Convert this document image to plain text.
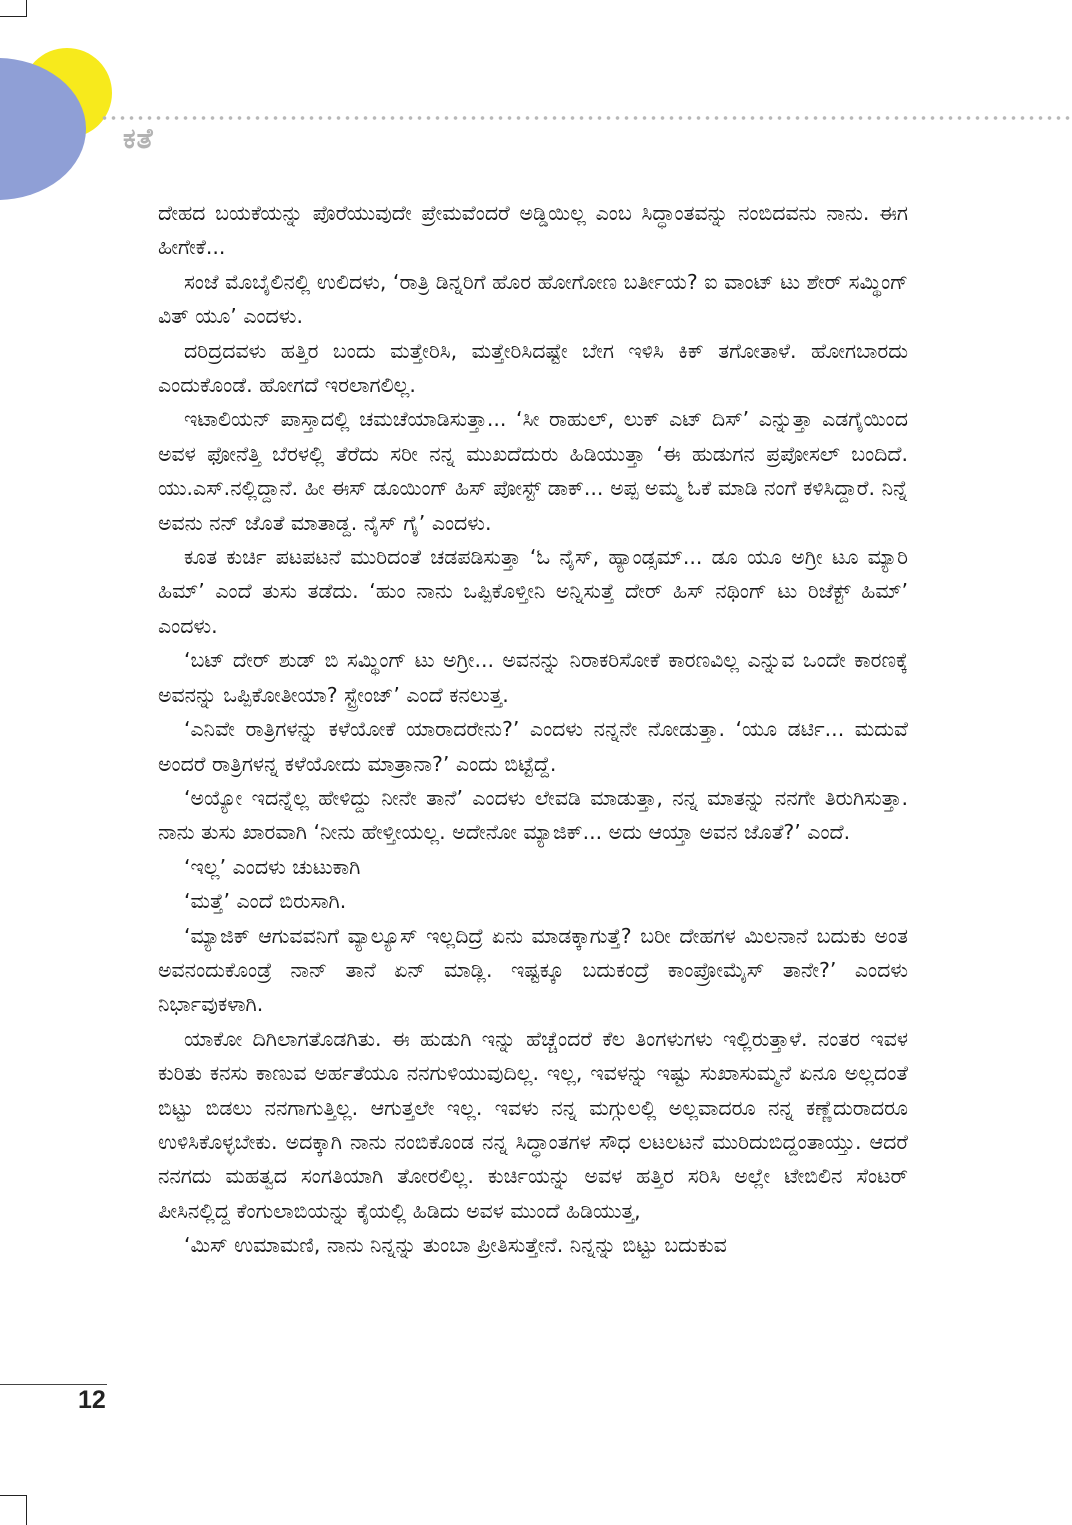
ಕತೆ

ದೇಹದ ಬಯಕೆಯನ್ನು ಪೊರೆಯುವುದೇ ಪ್ರೇಮವೆಂದರೆ ಅಡ್ಡಿಯಿಲ್ಲ ಎಂಬ ಸಿದ್ಧಾಂತವನ್ನು ನಂಬಿದವನು ನಾನು. ಈಗ ಹೀಗೇಕೆ...

ಸಂಜೆ ಮೊಬೈಲಿನಲ್ಲಿ ಉಲಿದಳು, ‘ರಾತ್ರಿ ಡಿನ್ನರಿಗೆ ಹೊರ ಹೋಗೋಣ ಬರ್ತೀಯ? ಐ ವಾಂಟ್ ಟು ಶೇರ್ ಸಮ್ಥಿಂಗ್ ವಿತ್ ಯೂ’ ಎಂದಳು.

ದರಿದ್ರದವಳು ಹತ್ತಿರ ಬಂದು ಮತ್ತೇರಿಸಿ, ಮತ್ತೇರಿಸಿದಷ್ಟೇ ಬೇಗ ಇಳಿಸಿ ಕಿಕ್ ತಗೋತಾಳೆ. ಹೋಗಬಾರದು ಎಂದುಕೊಂಡೆ. ಹೋಗದೆ ಇರಲಾಗಲಿಲ್ಲ.

ಇಟಾಲಿಯನ್ ಪಾಸ್ತಾದಲ್ಲಿ ಚಮಚೆಯಾಡಿಸುತ್ತಾ... ‘ಸೀ ರಾಹುಲ್, ಲುಕ್ ಎಟ್ ದಿಸ್’ ಎನ್ನುತ್ತಾ ಎಡಗೈಯಿಂದ ಅವಳ ಫೋನೆತ್ತಿ ಬೆರಳಲ್ಲಿ ತೆರೆದು ಸರೀ ನನ್ನ ಮುಖದೆದುರು ಹಿಡಿಯುತ್ತಾ ‘ಈ ಹುಡುಗನ ಪ್ರಪೋಸಲ್ ಬಂದಿದೆ. ಯು.ಎಸ್.ನಲ್ಲಿದ್ದಾನೆ. ಹೀ ಈಸ್ ಡೂಯಿಂಗ್ ಹಿಸ್ ಪೋಸ್ಟ್ ಡಾಕ್... ಅಪ್ಪ ಅಮ್ಮ ಓಕೆ ಮಾಡಿ ನಂಗೆ ಕಳಿಸಿದ್ದಾರೆ. ನಿನ್ನೆ ಅವನು ನನ್ ಜೊತೆ ಮಾತಾಡ್ದ. ನೈಸ್ ಗೈ’ ಎಂದಳು.

ಕೂತ ಕುರ್ಚಿ ಪಟಪಟನೆ ಮುರಿದಂತೆ ಚಡಪಡಿಸುತ್ತಾ ‘ಓ ನೈಸ್, ಹ್ಯಾಂಡ್ಸಮ್... ಡೂ ಯೂ ಅಗ್ರೀ ಟೂ ಮ್ಯಾರಿ ಹಿಮ್’ ಎಂದೆ ತುಸು ತಡೆದು. ‘ಹುಂ ನಾನು ಒಪ್ಪಿಕೊಳ್ತೀನಿ ಅನ್ನಿಸುತ್ತೆ ದೇರ್ ಹಿಸ್ ನಥಿಂಗ್ ಟು ರಿಜೆಕ್ಟ್ ಹಿಮ್’ ಎಂದಳು.

‘ಬಟ್ ದೇರ್ ಶುಡ್ ಬಿ ಸಮ್ಥಿಂಗ್ ಟು ಅಗ್ರೀ... ಅವನನ್ನು ನಿರಾಕರಿಸೋಕೆ ಕಾರಣವಿಲ್ಲ ಎನ್ನುವ ಒಂದೇ ಕಾರಣಕ್ಕೆ ಅವನನ್ನು ಒಪ್ಪಿಕೋತೀಯಾ? ಸ್ಟ್ರೇಂಜ್’ ಎಂದೆ ಕನಲುತ್ತ.

‘ಎನಿವೇ ರಾತ್ರಿಗಳನ್ನು ಕಳೆಯೋಕೆ ಯಾರಾದರೇನು?’ ಎಂದಳು ನನ್ನನೇ ನೋಡುತ್ತಾ. ‘ಯೂ ಡರ್ಟಿ... ಮದುವೆ ಅಂದರೆ ರಾತ್ರಿಗಳನ್ನ ಕಳೆಯೋದು ಮಾತ್ರಾನಾ?’ ಎಂದು ಬಿಟ್ಟೆದ್ದೆ.

‘ಅಯ್ಯೋ ಇದನ್ನೆಲ್ಲ ಹೇಳಿದ್ದು ನೀನೇ ತಾನೆ’ ಎಂದಳು ಲೇವಡಿ ಮಾಡುತ್ತಾ, ನನ್ನ ಮಾತನ್ನು ನನಗೇ ತಿರುಗಿಸುತ್ತಾ. ನಾನು ತುಸು ಖಾರವಾಗಿ ‘ನೀನು ಹೇಳ್ತೀಯಲ್ಲ. ಅದೇನೋ ಮ್ಯಾಜಿಕ್... ಅದು ಆಯ್ತಾ ಅವನ ಜೊತೆ?’ ಎಂದೆ.

‘ಇಲ್ಲ’ ಎಂದಳು ಚುಟುಕಾಗಿ

‘ಮತ್ತೆ’ ಎಂದೆ ಬಿರುಸಾಗಿ.

‘ಮ್ಯಾಜಿಕ್ ಆಗುವವನಿಗೆ ವ್ಯಾಲ್ಯೂಸ್ ಇಲ್ಲದಿದ್ರೆ ಏನು ಮಾಡಕ್ಕಾಗುತ್ತೆ? ಬರೀ ದೇಹಗಳ ಮಿಲನಾನೆ ಬದುಕು ಅಂತ ಅವನಂದುಕೊಂಡ್ರೆ ನಾನ್ ತಾನೆ ಏನ್ ಮಾಡ್ಲಿ. ಇಷ್ಟಕ್ಕೂ ಬದುಕಂದ್ರೆ ಕಾಂಪ್ರೋಮೈಸ್ ತಾನೇ?’ ಎಂದಳು ನಿರ್ಭಾವುಕಳಾಗಿ.

ಯಾಕೋ ದಿಗಿಲಾಗತೊಡಗಿತು. ಈ ಹುಡುಗಿ ಇನ್ನು ಹೆಚ್ಚೆಂದರೆ ಕೆಲ ತಿಂಗಳುಗಳು ಇಲ್ಲಿರುತ್ತಾಳೆ. ನಂತರ ಇವಳ ಕುರಿತು ಕನಸು ಕಾಣುವ ಅರ್ಹತೆಯೂ ನನಗುಳಿಯುವುದಿಲ್ಲ. ಇಲ್ಲ, ಇವಳನ್ನು ಇಷ್ಟು ಸುಖಾಸುಮ್ಮನೆ ಏನೂ ಅಲ್ಲದಂತೆ ಬಿಟ್ಟು ಬಿಡಲು ನನಗಾಗುತ್ತಿಲ್ಲ. ಆಗುತ್ತಲೇ ಇಲ್ಲ. ಇವಳು ನನ್ನ ಮಗ್ಗುಲಲ್ಲಿ ಅಲ್ಲವಾದರೂ ನನ್ನ ಕಣ್ಣೆದುರಾದರೂ ಉಳಿಸಿಕೊಳ್ಳಬೇಕು. ಅದಕ್ಕಾಗಿ ನಾನು ನಂಬಿಕೊಂಡ ನನ್ನ ಸಿದ್ಧಾಂತಗಳ ಸೌಧ ಲಟಲಟನೆ ಮುರಿದುಬಿದ್ದಂತಾಯ್ತು. ಆದರೆ ನನಗದು ಮಹತ್ವದ ಸಂಗತಿಯಾಗಿ ತೋರಲಿಲ್ಲ. ಕುರ್ಚಿಯನ್ನು ಅವಳ ಹತ್ತಿರ ಸರಿಸಿ ಅಲ್ಲೇ ಟೇಬಿಲಿನ ಸೆಂಟರ್ ಪೀಸಿನಲ್ಲಿದ್ದ ಕೆಂಗುಲಾಬಿಯನ್ನು ಕೈಯಲ್ಲಿ ಹಿಡಿದು ಅವಳ ಮುಂದೆ ಹಿಡಿಯುತ್ತ,

‘ಮಿಸ್ ಉಮಾಮಣಿ, ನಾನು ನಿನ್ನನ್ನು ತುಂಬಾ ಪ್ರೀತಿಸುತ್ತೇನೆ. ನಿನ್ನನ್ನು ಬಿಟ್ಟು ಬದುಕುವ

12
